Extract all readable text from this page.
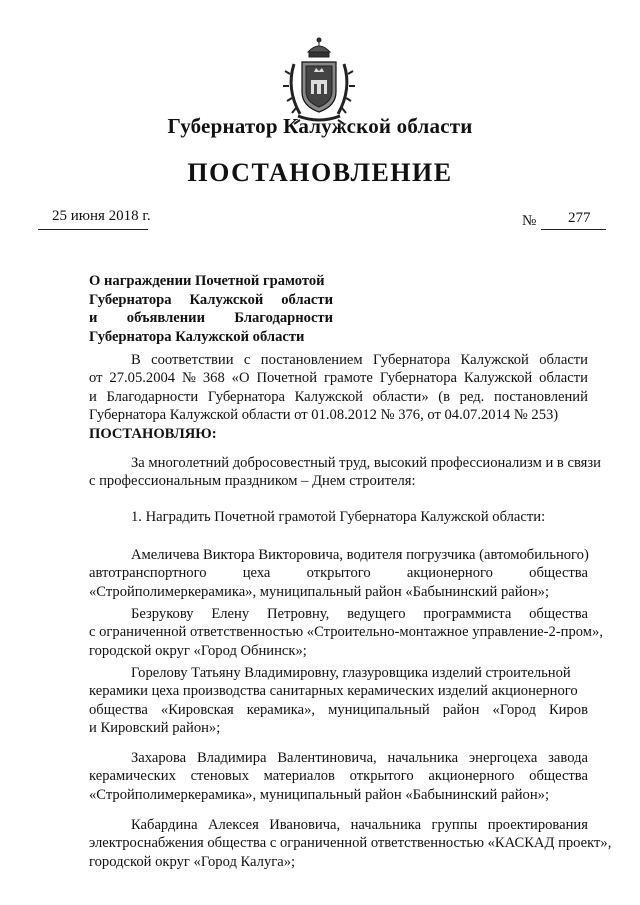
Губернатор Калужской области
ПОСТАНОВЛЕНИЕ
25 июня 2018 г.	№ 277
О награждении Почетной грамотой
Губернатора Калужской области
и объявлении Благодарности
Губернатора Калужской области
В соответствии с постановлением Губернатора Калужской области
от 27.05.2004 № 368 «О Почетной грамоте Губернатора Калужской области
и Благодарности Губернатора Калужской области» (в ред. постановлений
Губернатора Калужской области от 01.08.2012 № 376, от 04.07.2014 № 253)
ПОСТАНОВЛЯЮ:
За многолетний добросовестный труд, высокий профессионализм и в связи
с профессиональным праздником – Днем строителя:
1. Наградить Почетной грамотой Губернатора Калужской области:
Амеличева Виктора Викторовича, водителя погрузчика (автомобильного)
автотранспортного цеха открытого акционерного общества
«Стройполимеркерамика», муниципальный район «Бабынинский район»;
Безрукову Елену Петровну, ведущего программиста общества
с ограниченной ответственностью «Строительно-монтажное управление-2-пром»,
городской округ «Город Обнинск»;
Горелову Татьяну Владимировну, глазуровщика изделий строительной
керамики цеха производства санитарных керамических изделий акционерного
общества «Кировская керамика», муниципальный район «Город Киров
и Кировский район»;
Захарова Владимира Валентиновича, начальника энергоцеха завода
керамических стеновых материалов открытого акционерного общества
«Стройполимеркерамика», муниципальный район «Бабынинский район»;
Кабардина Алексея Ивановича, начальника группы проектирования
электроснабжения общества с ограниченной ответственностью «КАСКАД проект»,
городской округ «Город Калуга»;
